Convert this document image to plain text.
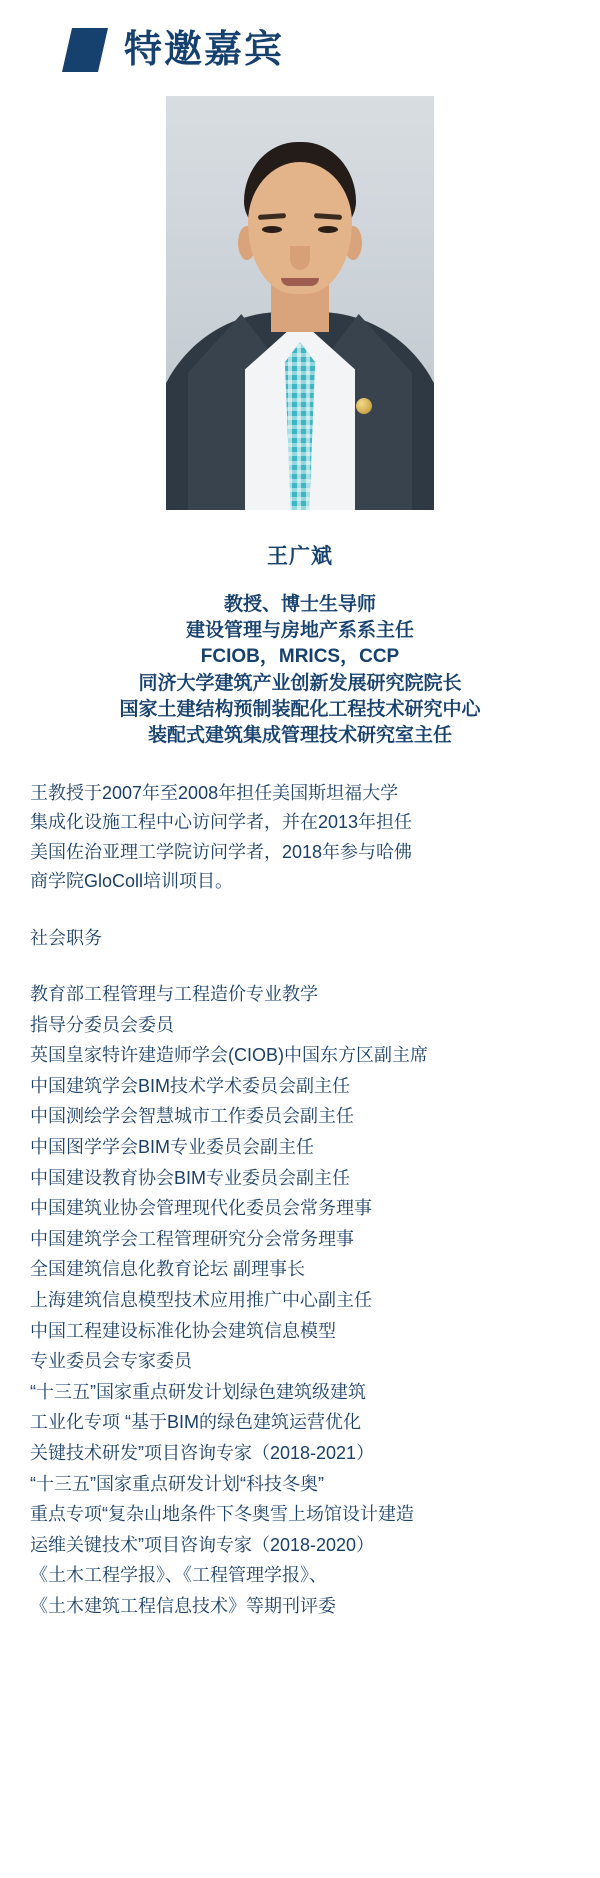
特邀嘉宾
王广斌
教授、博士生导师
建设管理与房地产系系主任
FCIOB，MRICS，CCP
同济大学建筑产业创新发展研究院院长
国家土建结构预制装配化工程技术研究中心
装配式建筑集成管理技术研究室主任

王教授于2007年至2008年担任美国斯坦福大学

集成化设施工程中心访问学者，并在2013年担任

美国佐治亚理工学院访问学者，2018年参与哈佛

商学院GloColl培训项目。

社会职务
教育部工程管理与工程造价专业教学
指导分委员会委员
英国皇家特许建造师学会(CIOB)中国东方区副主席
中国建筑学会BIM技术学术委员会副主任
中国测绘学会智慧城市工作委员会副主任
中国图学学会BIM专业委员会副主任
中国建设教育协会BIM专业委员会副主任
中国建筑业协会管理现代化委员会常务理事
中国建筑学会工程管理研究分会常务理事
全国建筑信息化教育论坛 副理事长
上海建筑信息模型技术应用推广中心副主任
中国工程建设标准化协会建筑信息模型
专业委员会专家委员
“十三五”国家重点研发计划绿色建筑级建筑
工业化专项 “基于BIM的绿色建筑运营优化
关键技术研发”项目咨询专家（2018-2021）
“十三五”国家重点研发计划“科技冬奥”
重点专项“复杂山地条件下冬奥雪上场馆设计建造
运维关键技术”项目咨询专家（2018-2020）
《土木工程学报》、《工程管理学报》、
《土木建筑工程信息技术》等期刊评委
